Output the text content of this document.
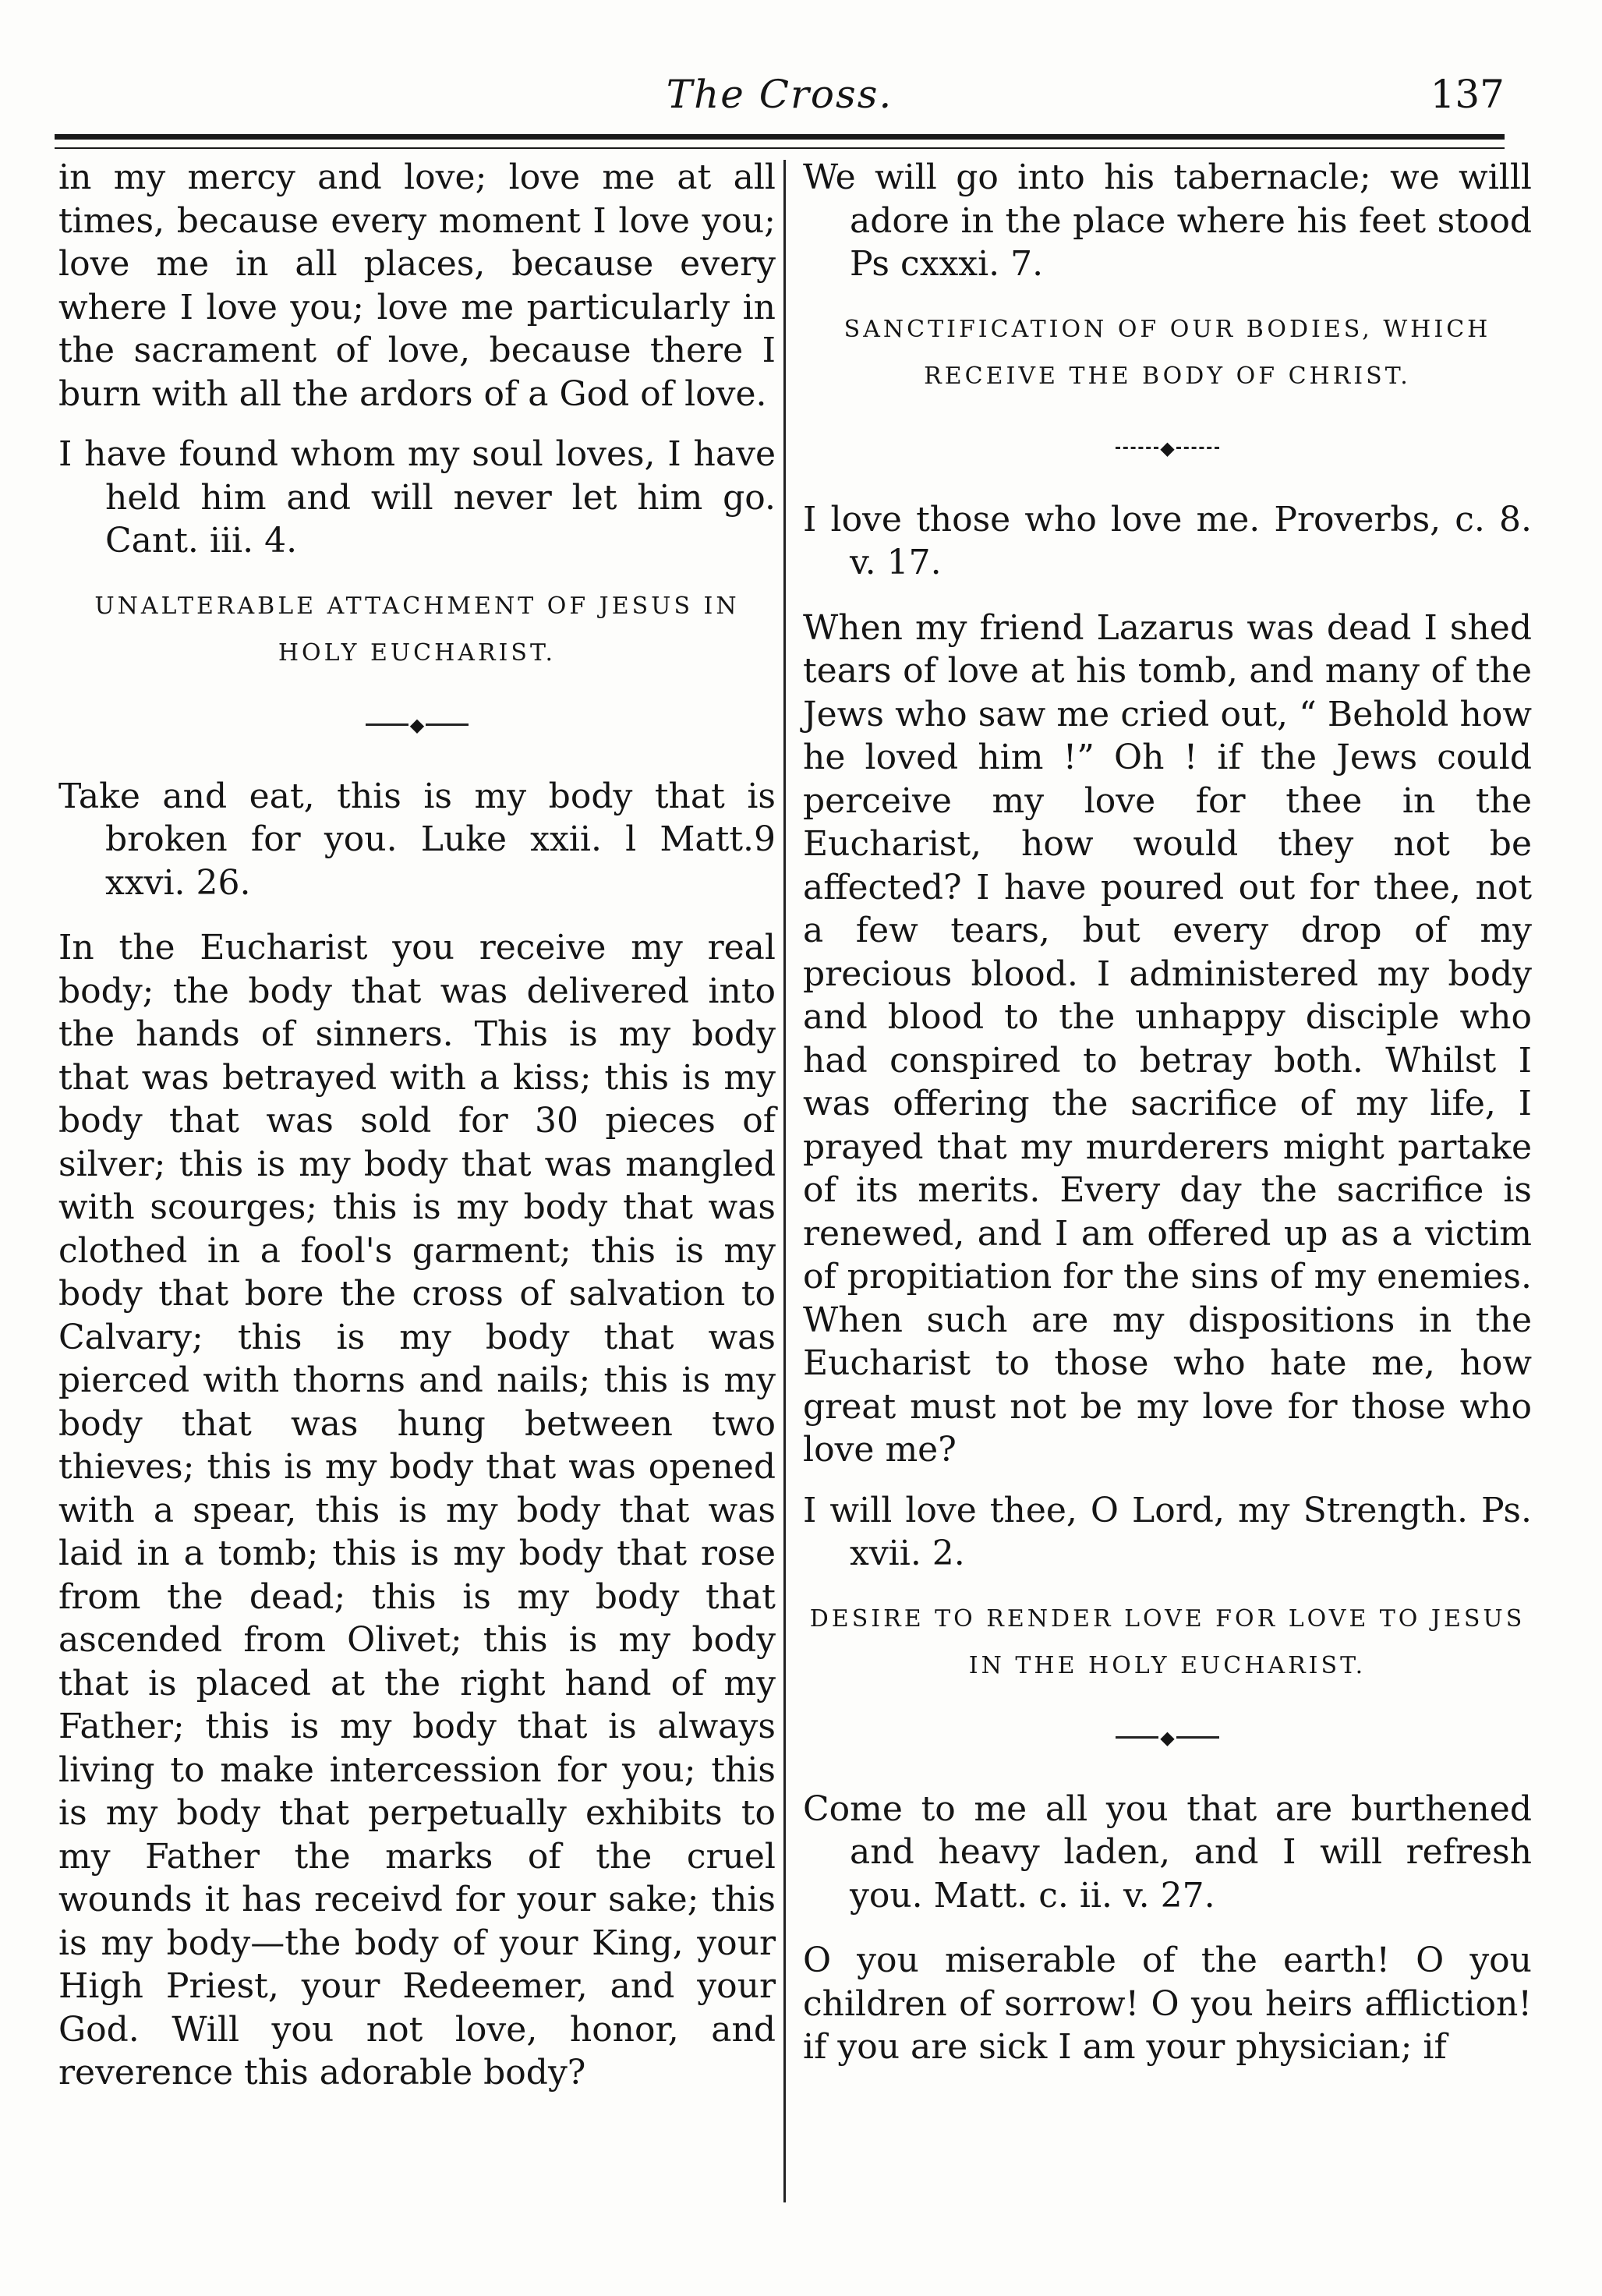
The Cross.	137

in my mercy and love; love me at all times, because every moment I love you; love me in all places, because every where I love you; love me particularly in the sacrament of love, because there I burn with all the ardors of a God of love.

I have found whom my soul loves, I have held him and will never let him go. Cant. iii. 4.

UNALTERABLE ATTACHMENT OF JESUS IN HOLY EUCHARIST.
◆

Take and eat, this is my body that is broken for you. Luke xxii. l Matt.9 xxvi. 26.

In the Eucharist you receive my real body; the body that was delivered into the hands of sinners. This is my body that was betrayed with a kiss; this is my body that was sold for 30 pieces of silver; this is my body that was mangled with scourges; this is my body that was clothed in a fool's garment; this is my body that bore the cross of salvation to Calvary; this is my body that was pierced with thorns and nails; this is my body that was hung between two thieves; this is my body that was opened with a spear, this is my body that was laid in a tomb; this is my body that rose from the dead; this is my body that ascended from Olivet; this is my body that is placed at the right hand of my Father; this is my body that is always living to make intercession for you; this is my body that perpetually exhibits to my Father the marks of the cruel wounds it has receivd for your sake; this is my body—the body of your King, your High Priest, your Redeemer, and your God. Will you not love, honor, and reverence this adorable body?

We will go into his tabernacle; we willl adore in the place where his feet stood Ps cxxxi. 7.

SANCTIFICATION OF OUR BODIES, WHICH RECEIVE THE BODY OF CHRIST.
◆

I love those who love me. Proverbs, c. 8. v. 17.

When my friend Lazarus was dead I shed tears of love at his tomb, and many of the Jews who saw me cried out, “ Behold how he loved him !” Oh ! if the Jews could perceive my love for thee in the Eucharist, how would they not be affected? I have poured out for thee, not a few tears, but every drop of my precious blood. I administered my body and blood to the unhappy disciple who had conspired to betray both. Whilst I was offering the sacrifice of my life, I prayed that my murderers might partake of its merits. Every day the sacrifice is renewed, and I am offered up as a victim of propitiation for the sins of my enemies. When such are my dispositions in the Eucharist to those who hate me, how great must not be my love for those who love me?

I will love thee, O Lord, my Strength. Ps. xvii. 2.

DESIRE TO RENDER LOVE FOR LOVE TO JESUS IN THE HOLY EUCHARIST.
◆

Come to me all you that are burthened and heavy laden, and I will refresh you. Matt. c. ii. v. 27.

O you miserable of the earth! O you children of sorrow! O you heirs affliction! if you are sick I am your physician; if
